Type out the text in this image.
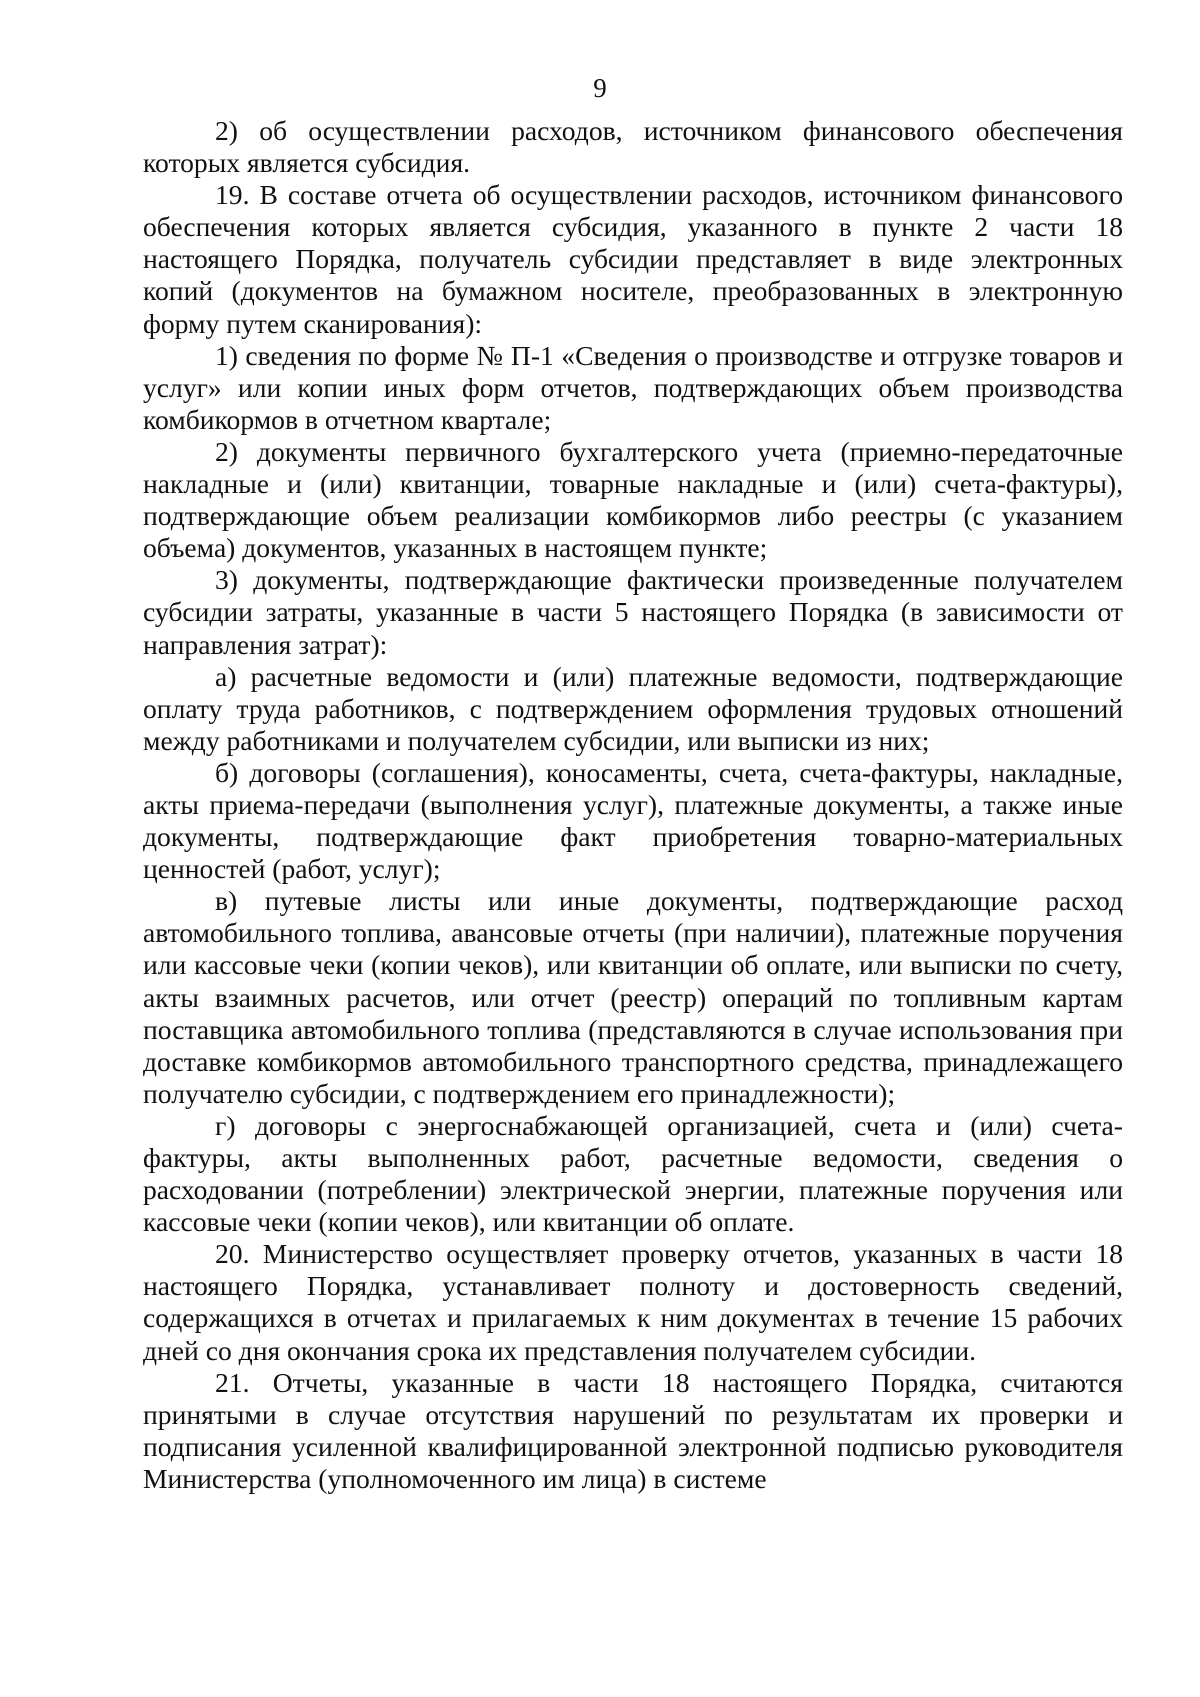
9

2) об осуществлении расходов, источником финансового обеспечения которых является субсидия.

19. В составе отчета об осуществлении расходов, источником финансового обеспечения которых является субсидия, указанного в пункте 2 части 18 настоящего Порядка, получатель субсидии представляет в виде электронных копий (документов на бумажном носителе, преобразованных в электронную форму путем сканирования):

1) сведения по форме № П-1 «Сведения о производстве и отгрузке товаров и услуг» или копии иных форм отчетов, подтверждающих объем производства комбикормов в отчетном квартале;

2) документы первичного бухгалтерского учета (приемно-передаточные накладные и (или) квитанции, товарные накладные и (или) счета-фактуры), подтверждающие объем реализации комбикормов либо реестры (с указанием объема) документов, указанных в настоящем пункте;

3) документы, подтверждающие фактически произведенные получателем субсидии затраты, указанные в части 5 настоящего Порядка (в зависимости от направления затрат):

а) расчетные ведомости и (или) платежные ведомости, подтверждающие оплату труда работников, с подтверждением оформления трудовых отношений между работниками и получателем субсидии, или выписки из них;

б) договоры (соглашения), коносаменты, счета, счета-фактуры, накладные, акты приема-передачи (выполнения услуг), платежные документы, а также иные документы, подтверждающие факт приобретения товарно-материальных ценностей (работ, услуг);

в) путевые листы или иные документы, подтверждающие расход автомобильного топлива, авансовые отчеты (при наличии), платежные поручения или кассовые чеки (копии чеков), или квитанции об оплате, или выписки по счету, акты взаимных расчетов, или отчет (реестр) операций по топливным картам поставщика автомобильного топлива (представляются в случае использования при доставке комбикормов автомобильного транспортного средства, принадлежащего получателю субсидии, с подтверждением его принадлежности);

г) договоры с энергоснабжающей организацией, счета и (или) счета-фактуры, акты выполненных работ, расчетные ведомости, сведения о расходовании (потреблении) электрической энергии, платежные поручения или кассовые чеки (копии чеков), или квитанции об оплате.

20. Министерство осуществляет проверку отчетов, указанных в части 18 настоящего Порядка, устанавливает полноту и достоверность сведений, содержащихся в отчетах и прилагаемых к ним документах в течение 15 рабочих дней со дня окончания срока их представления получателем субсидии.

21. Отчеты, указанные в части 18 настоящего Порядка, считаются принятыми в случае отсутствия нарушений по результатам их проверки и подписания усиленной квалифицированной электронной подписью руководителя Министерства (уполномоченного им лица) в системе
